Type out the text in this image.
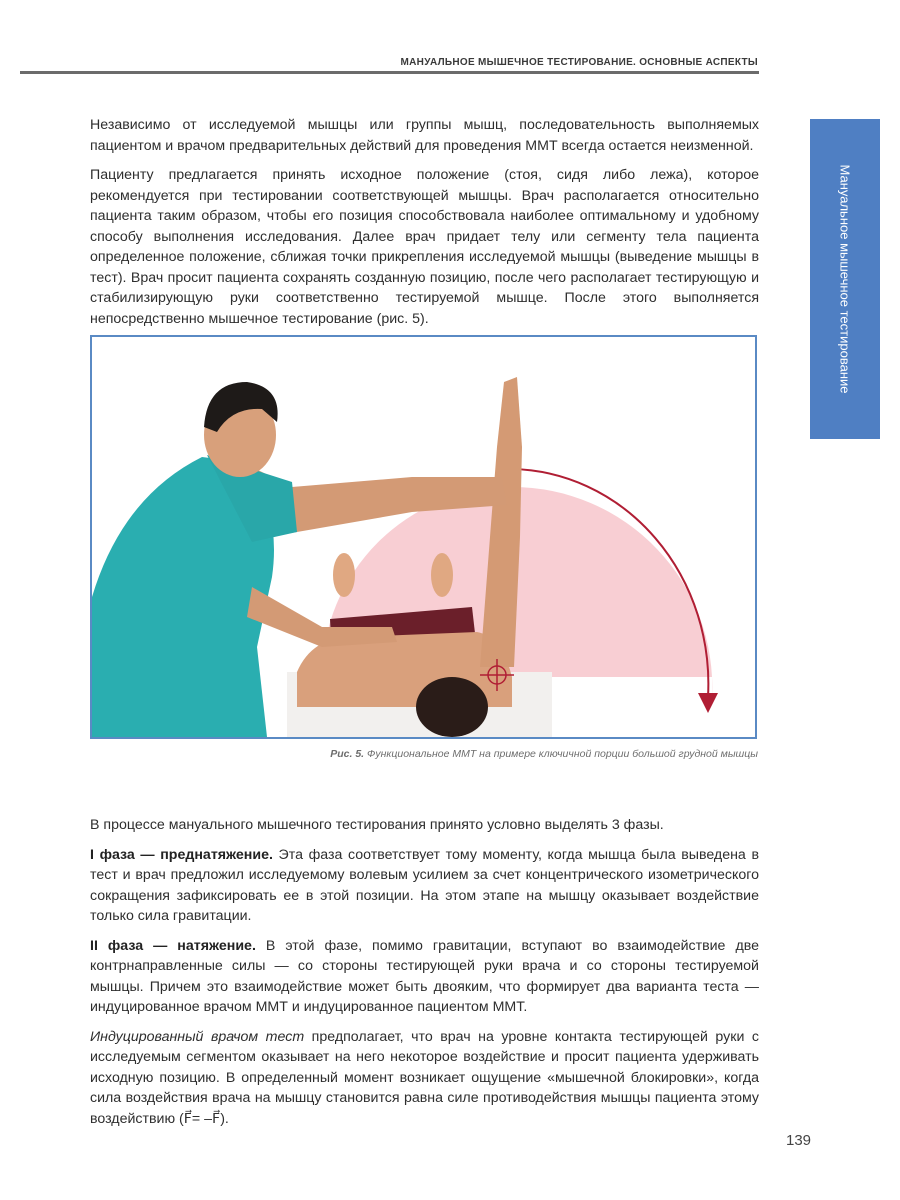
МАНУАЛЬНОЕ МЫШЕЧНОЕ ТЕСТИРОВАНИЕ. ОСНОВНЫЕ АСПЕКТЫ
Мануальное мышечное тестирование

Независимо от исследуемой мышцы или группы мышц, последовательность выполняемых пациентом и врачом предварительных действий для проведения ММТ всегда остается неизменной.

Пациенту предлагается принять исходное положение (стоя, сидя либо лежа), которое рекомендуется при тестировании соответствующей мышцы. Врач располагается относительно пациента таким образом, чтобы его позиция способствовала наиболее оптимальному и удобному способу выполнения исследования. Далее врач придает телу или сегменту тела пациента определенное положение, сближая точки прикрепления исследуемой мышцы (выведение мышцы в тест). Врач просит пациента сохранять созданную позицию, после чего располагает тестирующую и стабилизирующую руки соответственно тестируемой мышце. После этого выполняется непосредственно мышечное тестирование (рис. 5).

Рис. 5. Функциональное ММТ на примере ключичной порции большой грудной мышцы

В процессе мануального мышечного тестирования принято условно выделять 3 фазы.

I фаза — преднатяжение. Эта фаза соответствует тому моменту, когда мышца была выведена в тест и врач предложил исследуемому волевым усилием за счет концентрического изометрического сокращения зафиксировать ее в этой позиции. На этом этапе на мышцу оказывает воздействие только сила гравитации.

II фаза — натяжение. В этой фазе, помимо гравитации, вступают во взаимодействие две контрнаправленные силы — со стороны тестирующей руки врача и со стороны тестируемой мышцы. Причем это взаимодействие может быть двояким, что формирует два варианта теста — индуцированное врачом ММТ и индуцированное пациентом ММТ.

Индуцированный врачом тест предполагает, что врач на уровне контакта тестирующей руки с исследуемым сегментом оказывает на него некоторое воздействие и просит пациента удерживать исходную позицию. В определенный момент возникает ощущение «мышечной блокировки», когда сила воздействия врача на мышцу становится равна силе противодействия мышцы пациента этому воздействию (F⃗= –F⃗).

139
